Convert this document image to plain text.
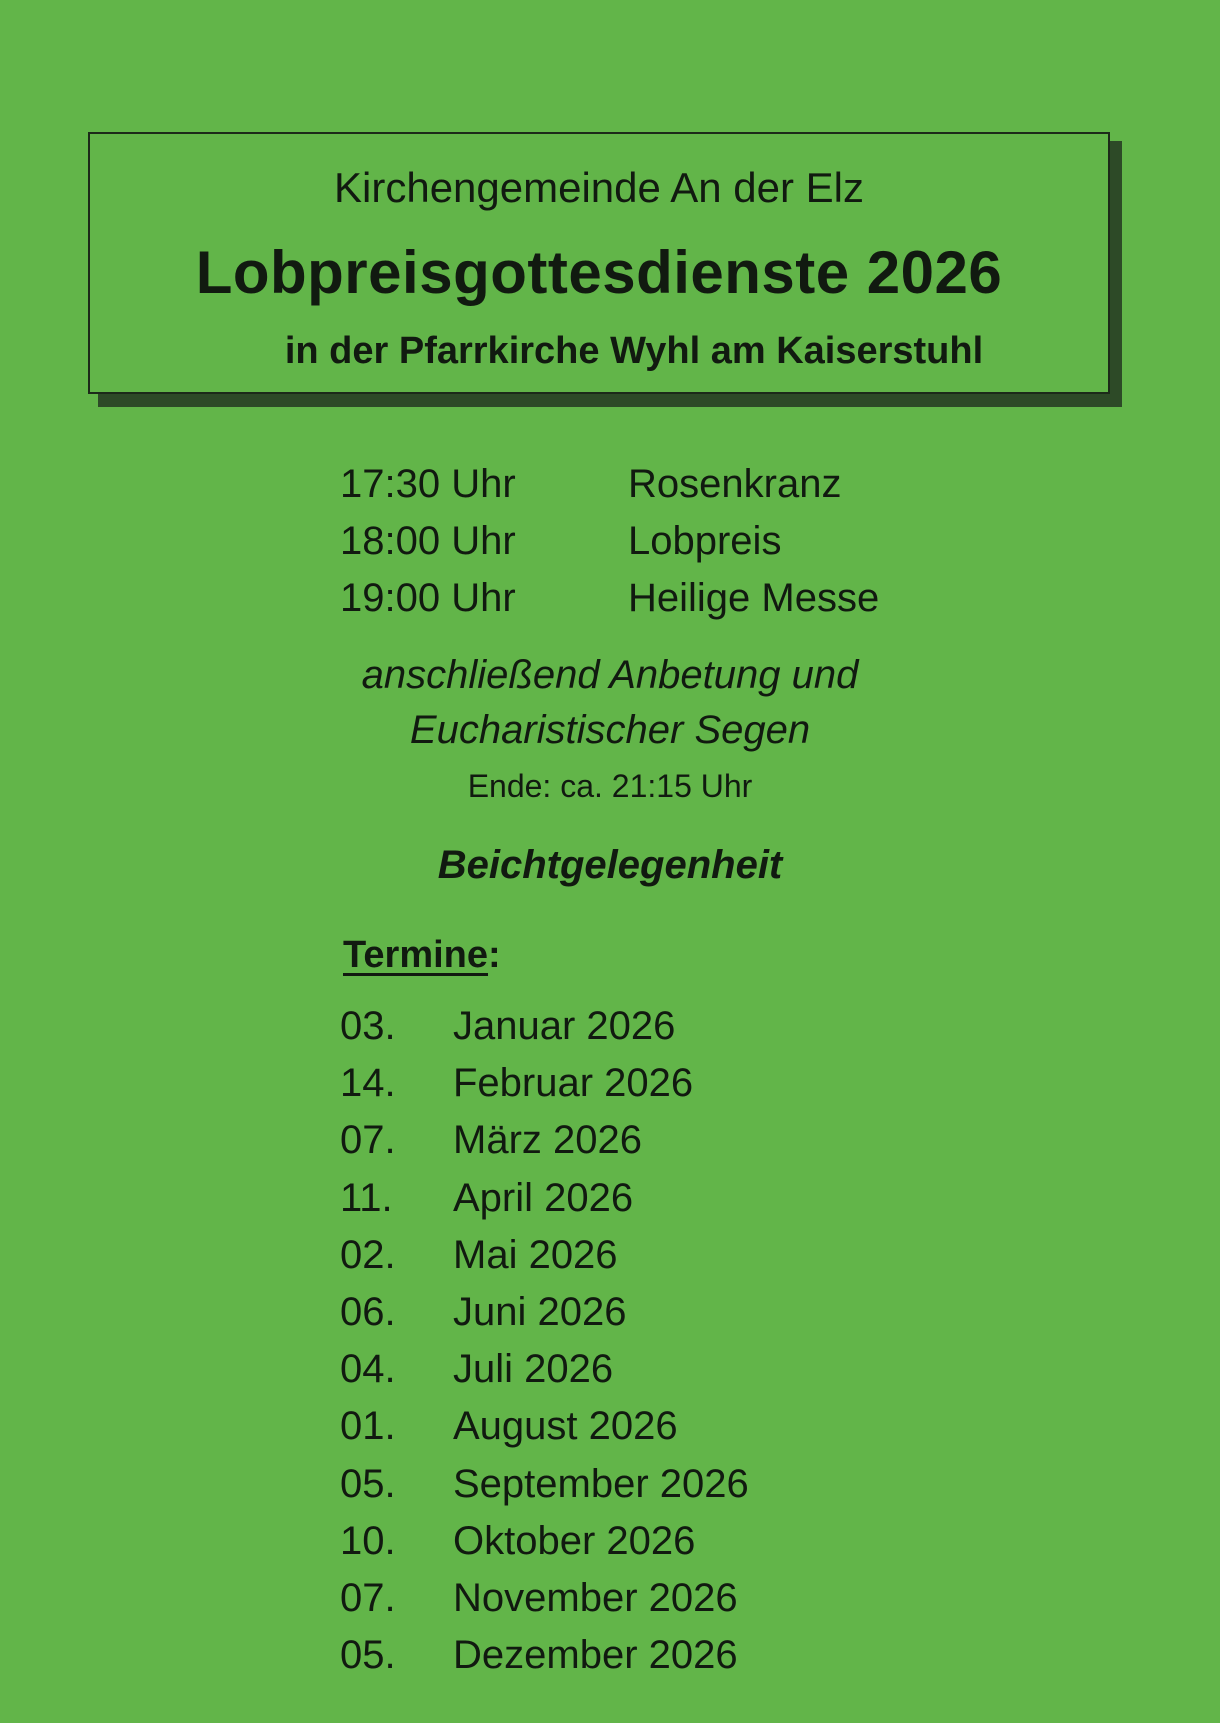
Kirchengemeinde An der Elz
Lobpreisgottesdienste 2026
in der Pfarrkirche Wyhl am Kaiserstuhl
17:30 Uhr	Rosenkranz
18:00 Uhr	Lobpreis
19:00 Uhr	Heilige Messe
anschließend Anbetung und
Eucharistischer Segen
Ende: ca. 21:15 Uhr
Beichtgelegenheit
Termine:
03.	Januar 2026
14.	Februar 2026
07.	März 2026
11.	April 2026
02.	Mai 2026
06.	Juni 2026
04.	Juli 2026
01.	August 2026
05.	September 2026
10.	Oktober 2026
07.	November 2026
05.	Dezember 2026
